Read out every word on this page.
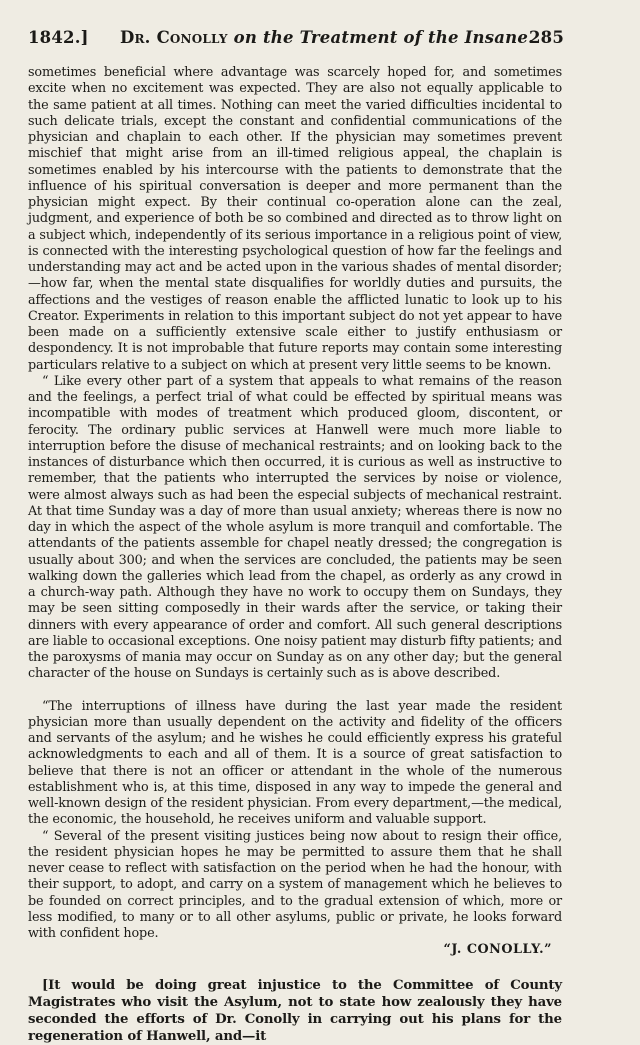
1842.] Dr. Conolly on the Treatment of the Insane.
285

sometimes beneficial where advantage was scarcely hoped for, and sometimes excite when no excitement was expected. They are also not equally applicable to the same patient at all times. Nothing can meet the varied difficulties incidental to such delicate trials, except the constant and confidential communications of the physician and chaplain to each other. If the physician may sometimes prevent mischief that might arise from an ill-timed religious appeal, the chaplain is sometimes enabled by his intercourse with the patients to demonstrate that the influence of his spiritual conversation is deeper and more permanent than the physician might expect. By their continual co-operation alone can the zeal, judgment, and experience of both be so combined and directed as to throw light on a subject which, independently of its serious importance in a religious point of view, is connected with the interesting psychological question of how far the feelings and understanding may act and be acted upon in the various shades of mental disorder;—how far, when the mental state disqualifies for worldly duties and pursuits, the affections and the vestiges of reason enable the afflicted lunatic to look up to his Creator. Experiments in relation to this important subject do not yet appear to have been made on a sufficiently extensive scale either to justify enthusiasm or despondency. It is not improbable that future reports may contain some interesting particulars relative to a subject on which at present very little seems to be known.

“ Like every other part of a system that appeals to what remains of the reason and the feelings, a perfect trial of what could be effected by spiritual means was incompatible with modes of treatment which produced gloom, discontent, or ferocity. The ordinary public services at Hanwell were much more liable to interruption before the disuse of mechanical restraints; and on looking back to the instances of disturbance which then occurred, it is curious as well as instructive to remember, that the patients who interrupted the services by noise or violence, were almost always such as had been the especial subjects of mechanical restraint. At that time Sunday was a day of more than usual anxiety; whereas there is now no day in which the aspect of the whole asylum is more tranquil and comfortable. The attendants of the patients assemble for chapel neatly dressed; the congregation is usually about 300; and when the services are concluded, the patients may be seen walking down the galleries which lead from the chapel, as orderly as any crowd in a church-way path. Although they have no work to occupy them on Sundays, they may be seen sitting composedly in their wards after the service, or taking their dinners with every appearance of order and comfort. All such general descriptions are liable to occasional exceptions. One noisy patient may disturb fifty patients; and the paroxysms of mania may occur on Sunday as on any other day; but the general character of the house on Sundays is certainly such as is above described.

“The interruptions of illness have during the last year made the resident physician more than usually dependent on the activity and fidelity of the officers and servants of the asylum; and he wishes he could efficiently express his grateful acknowledgments to each and all of them. It is a source of great satisfaction to believe that there is not an officer or attendant in the whole of the numerous establishment who is, at this time, disposed in any way to impede the general and well-known design of the resident physician. From every department,—the medical, the economic, the household, he receives uniform and valuable support.

“ Several of the present visiting justices being now about to resign their office, the resident physician hopes he may be permitted to assure them that he shall never cease to reflect with satisfaction on the period when he had the honour, with their support, to adopt, and carry on a system of management which he believes to be founded on correct principles, and to the gradual extension of which, more or less modified, to many or to all other asylums, public or private, he looks forward with confident hope.

“J. CONOLLY.”

[It would be doing great injustice to the Committee of County Magistrates who visit the Asylum, not to state how zealously they have seconded the efforts of Dr. Conolly in carrying out his plans for the regeneration of Hanwell, and—it
